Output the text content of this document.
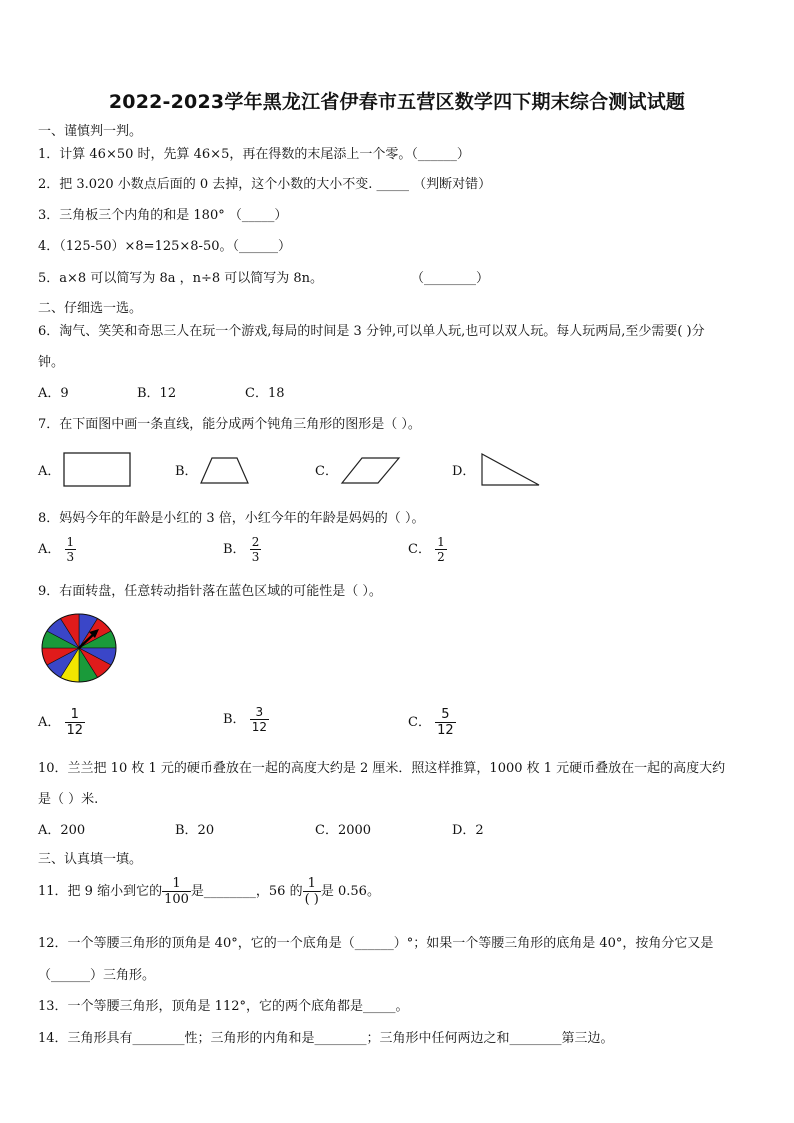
2022-2023学年黑龙江省伊春市五营区数学四下期末综合测试试题
一、谨慎判一判。
1．计算 46×50 时，先算 46×5，再在得数的末尾添上一个零。（______）
2．把 3.020 小数点后面的 0 去掉，这个小数的大小不变. _____ （判断对错）
3．三角板三个内角的和是 180° （_____）
4．（125-50）×8=125×8-50。（______）
5．a×8 可以简写为 8a ，n÷8 可以简写为 8n。	（________）
二、仔细选一选。
6．淘气、笑笑和奇思三人在玩一个游戏,每局的时间是 3 分钟,可以单人玩,也可以双人玩。每人玩两局,至少需要( )分
钟。
A．9	B．12	C．18
7．在下面图中画一条直线，能分成两个钝角三角形的图形是（ ）。
A．	B．	C．	D．
8．妈妈今年的年龄是小红的 3 倍，小红今年的年龄是妈妈的（ ）。
A． $\frac{1}{3}$	B． $\frac{2}{3}$	C． $\frac{1}{2}$
9．右面转盘，任意转动指针落在蓝色区域的可能性是（ ）。
A． $\frac{1}{12}$	B． $\frac{3}{12}$	C． $\frac{5}{12}$
10．兰兰把 10 枚 1 元的硬币叠放在一起的高度大约是 2 厘米．照这样推算，1000 枚 1 元硬币叠放在一起的高度大约
是（ ）米.
A．200	B．20	C．2000	D．2
三、认真填一填。
11．把 9 缩小到它的 $\frac{1}{100}$ 是________，56 的 $\frac{1}{( )}$ 是 0.56。
12．一个等腰三角形的顶角是 40°，它的一个底角是（______）°；如果一个等腰三角形的底角是 40°，按角分它又是
（______）三角形。
13．一个等腰三角形，顶角是 112°，它的两个底角都是_____。
14．三角形具有________性；三角形的内角和是________；三角形中任何两边之和________第三边。
